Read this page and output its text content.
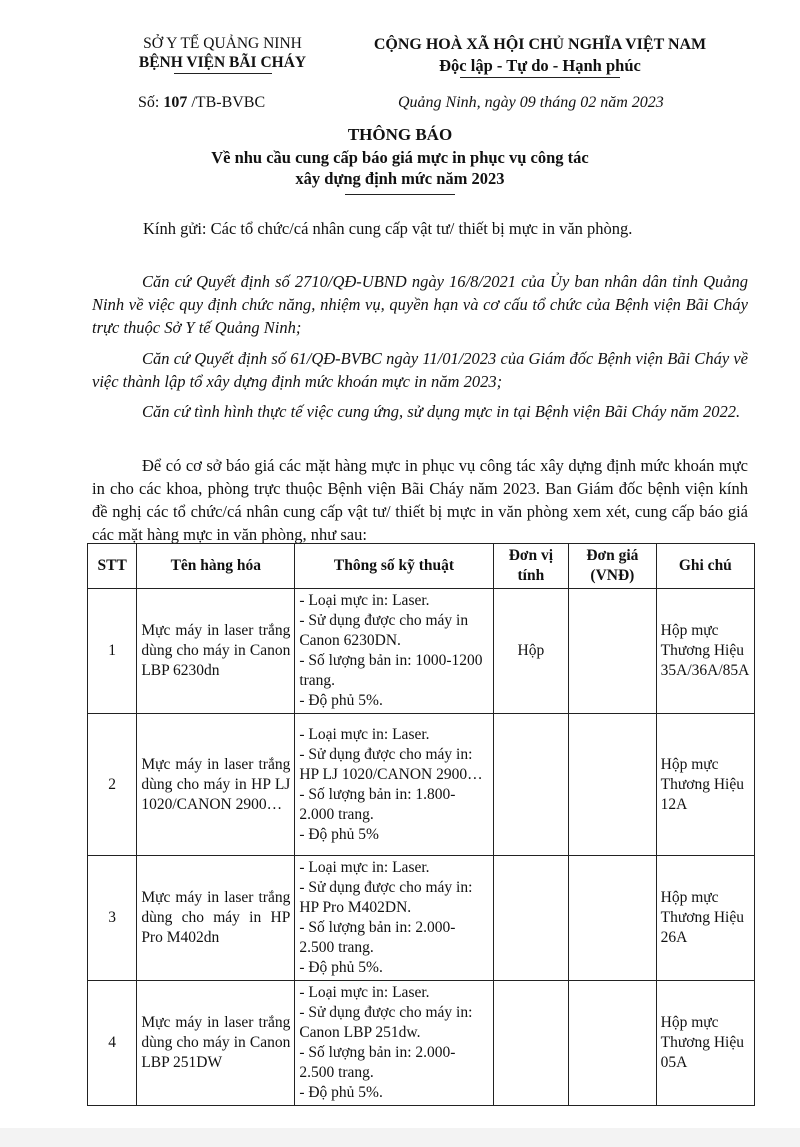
SỞ Y TẾ QUẢNG NINH
BỆNH VIỆN BÃI CHÁY
CỘNG HOÀ XÃ HỘI CHỦ NGHĨA VIỆT NAM
Độc lập - Tự do - Hạnh phúc
Số: 107 /TB-BVBC	Quảng Ninh, ngày 09 tháng 02 năm 2023
THÔNG BÁO
Về nhu cầu cung cấp báo giá mực in phục vụ công tác
xây dựng định mức năm 2023
Kính gửi: Các tổ chức/cá nhân cung cấp vật tư/ thiết bị mực in văn phòng.
Căn cứ Quyết định số 2710/QĐ-UBND ngày 16/8/2021 của Ủy ban nhân dân tỉnh Quảng Ninh về việc quy định chức năng, nhiệm vụ, quyền hạn và cơ cấu tổ chức của Bệnh viện Bãi Cháy trực thuộc Sở Y tế Quảng Ninh;
Căn cứ Quyết định số 61/QĐ-BVBC ngày 11/01/2023 của Giám đốc Bệnh viện Bãi Cháy về việc thành lập tổ xây dựng định mức khoán mực in năm 2023;
Căn cứ tình hình thực tế việc cung ứng, sử dụng mực in tại Bệnh viện Bãi Cháy năm 2022.
Để có cơ sở báo giá các mặt hàng mực in phục vụ công tác xây dựng định mức khoán mực in cho các khoa, phòng trực thuộc Bệnh viện Bãi Cháy năm 2023. Ban Giám đốc bệnh viện kính đề nghị các tổ chức/cá nhân cung cấp vật tư/ thiết bị mực in văn phòng xem xét, cung cấp báo giá các mặt hàng mực in văn phòng, như sau:
STT	Tên hàng hóa	Thông số kỹ thuật	Đơn vị tính	Đơn giá (VNĐ)	Ghi chú
1	Mực máy in laser trắng dùng cho máy in Canon LBP 6230dn	- Loại mực in: Laser.
- Sử dụng được cho máy in Canon 6230DN.
- Số lượng bản in: 1000-1200 trang.
- Độ phủ 5%.	Hộp		Hộp mực Thương Hiệu 35A/36A/85A
2	Mực máy in laser trắng dùng cho máy in HP LJ 1020/CANON 2900…	- Loại mực in: Laser.
- Sử dụng được cho máy in: HP LJ 1020/CANON 2900…
- Số lượng bản in: 1.800-2.000 trang.
- Độ phủ 5%			Hộp mực Thương Hiệu 12A
3	Mực máy in laser trắng dùng cho máy in HP Pro M402dn	- Loại mực in: Laser.
- Sử dụng được cho máy in: HP Pro M402DN.
- Số lượng bản in: 2.000-2.500 trang.
- Độ phủ 5%.			Hộp mực Thương Hiệu 26A
4	Mực máy in laser trắng dùng cho máy in Canon LBP 251DW	- Loại mực in: Laser.
- Sử dụng được cho máy in: Canon LBP 251dw.
- Số lượng bản in: 2.000-2.500 trang.
- Độ phủ 5%.			Hộp mực Thương Hiệu 05A
